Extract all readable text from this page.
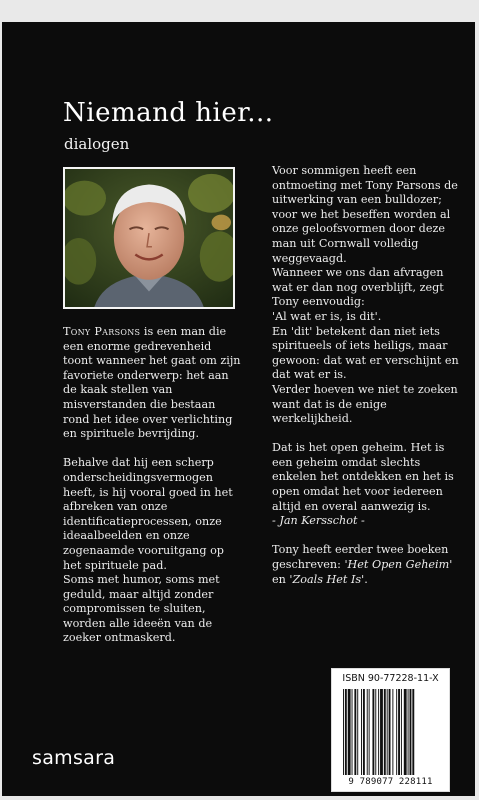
Niemand hier...
dialogen

Tony Parsons is een man die een enorme gedrevenheid toont wanneer het gaat om zijn favoriete onderwerp: het aan de kaak stellen van misverstanden die bestaan rond het idee over verlichting en spirituele bevrijding.

Behalve dat hij een scherp onderscheidingsvermogen heeft, is hij vooral goed in het afbreken van onze identificatieprocessen, onze ideaalbeelden en onze zogenaamde vooruitgang op het spirituele pad.

Soms met humor, soms met geduld, maar altijd zonder compromissen te sluiten, worden alle ideeën van de zoeker ontmaskerd.

Voor sommigen heeft een ontmoeting met Tony Parsons de uitwerking van een bulldozer; voor we het beseffen worden al onze geloofsvormen door deze man uit Cornwall volledig weggevaagd.

Wanneer we ons dan afvragen wat er dan nog overblijft, zegt Tony eenvoudig:

'Al wat er is, is dit'.

En 'dit' betekent dan niet iets spiritueels of iets heiligs, maar gewoon: dat wat er verschijnt en dat wat er is.

Verder hoeven we niet te zoeken want dat is de enige werkelijkheid.

Dat is het open geheim. Het is een geheim omdat slechts enkelen het ontdekken en het is open omdat het voor iedereen altijd en overal aanwezig is.

- Jan Kersschot -

Tony heeft eerder twee boeken geschreven: 'Het Open Geheim' en 'Zoals Het Is'.

samsara
ISBN 90-77228-11-X
9 789077 228111
